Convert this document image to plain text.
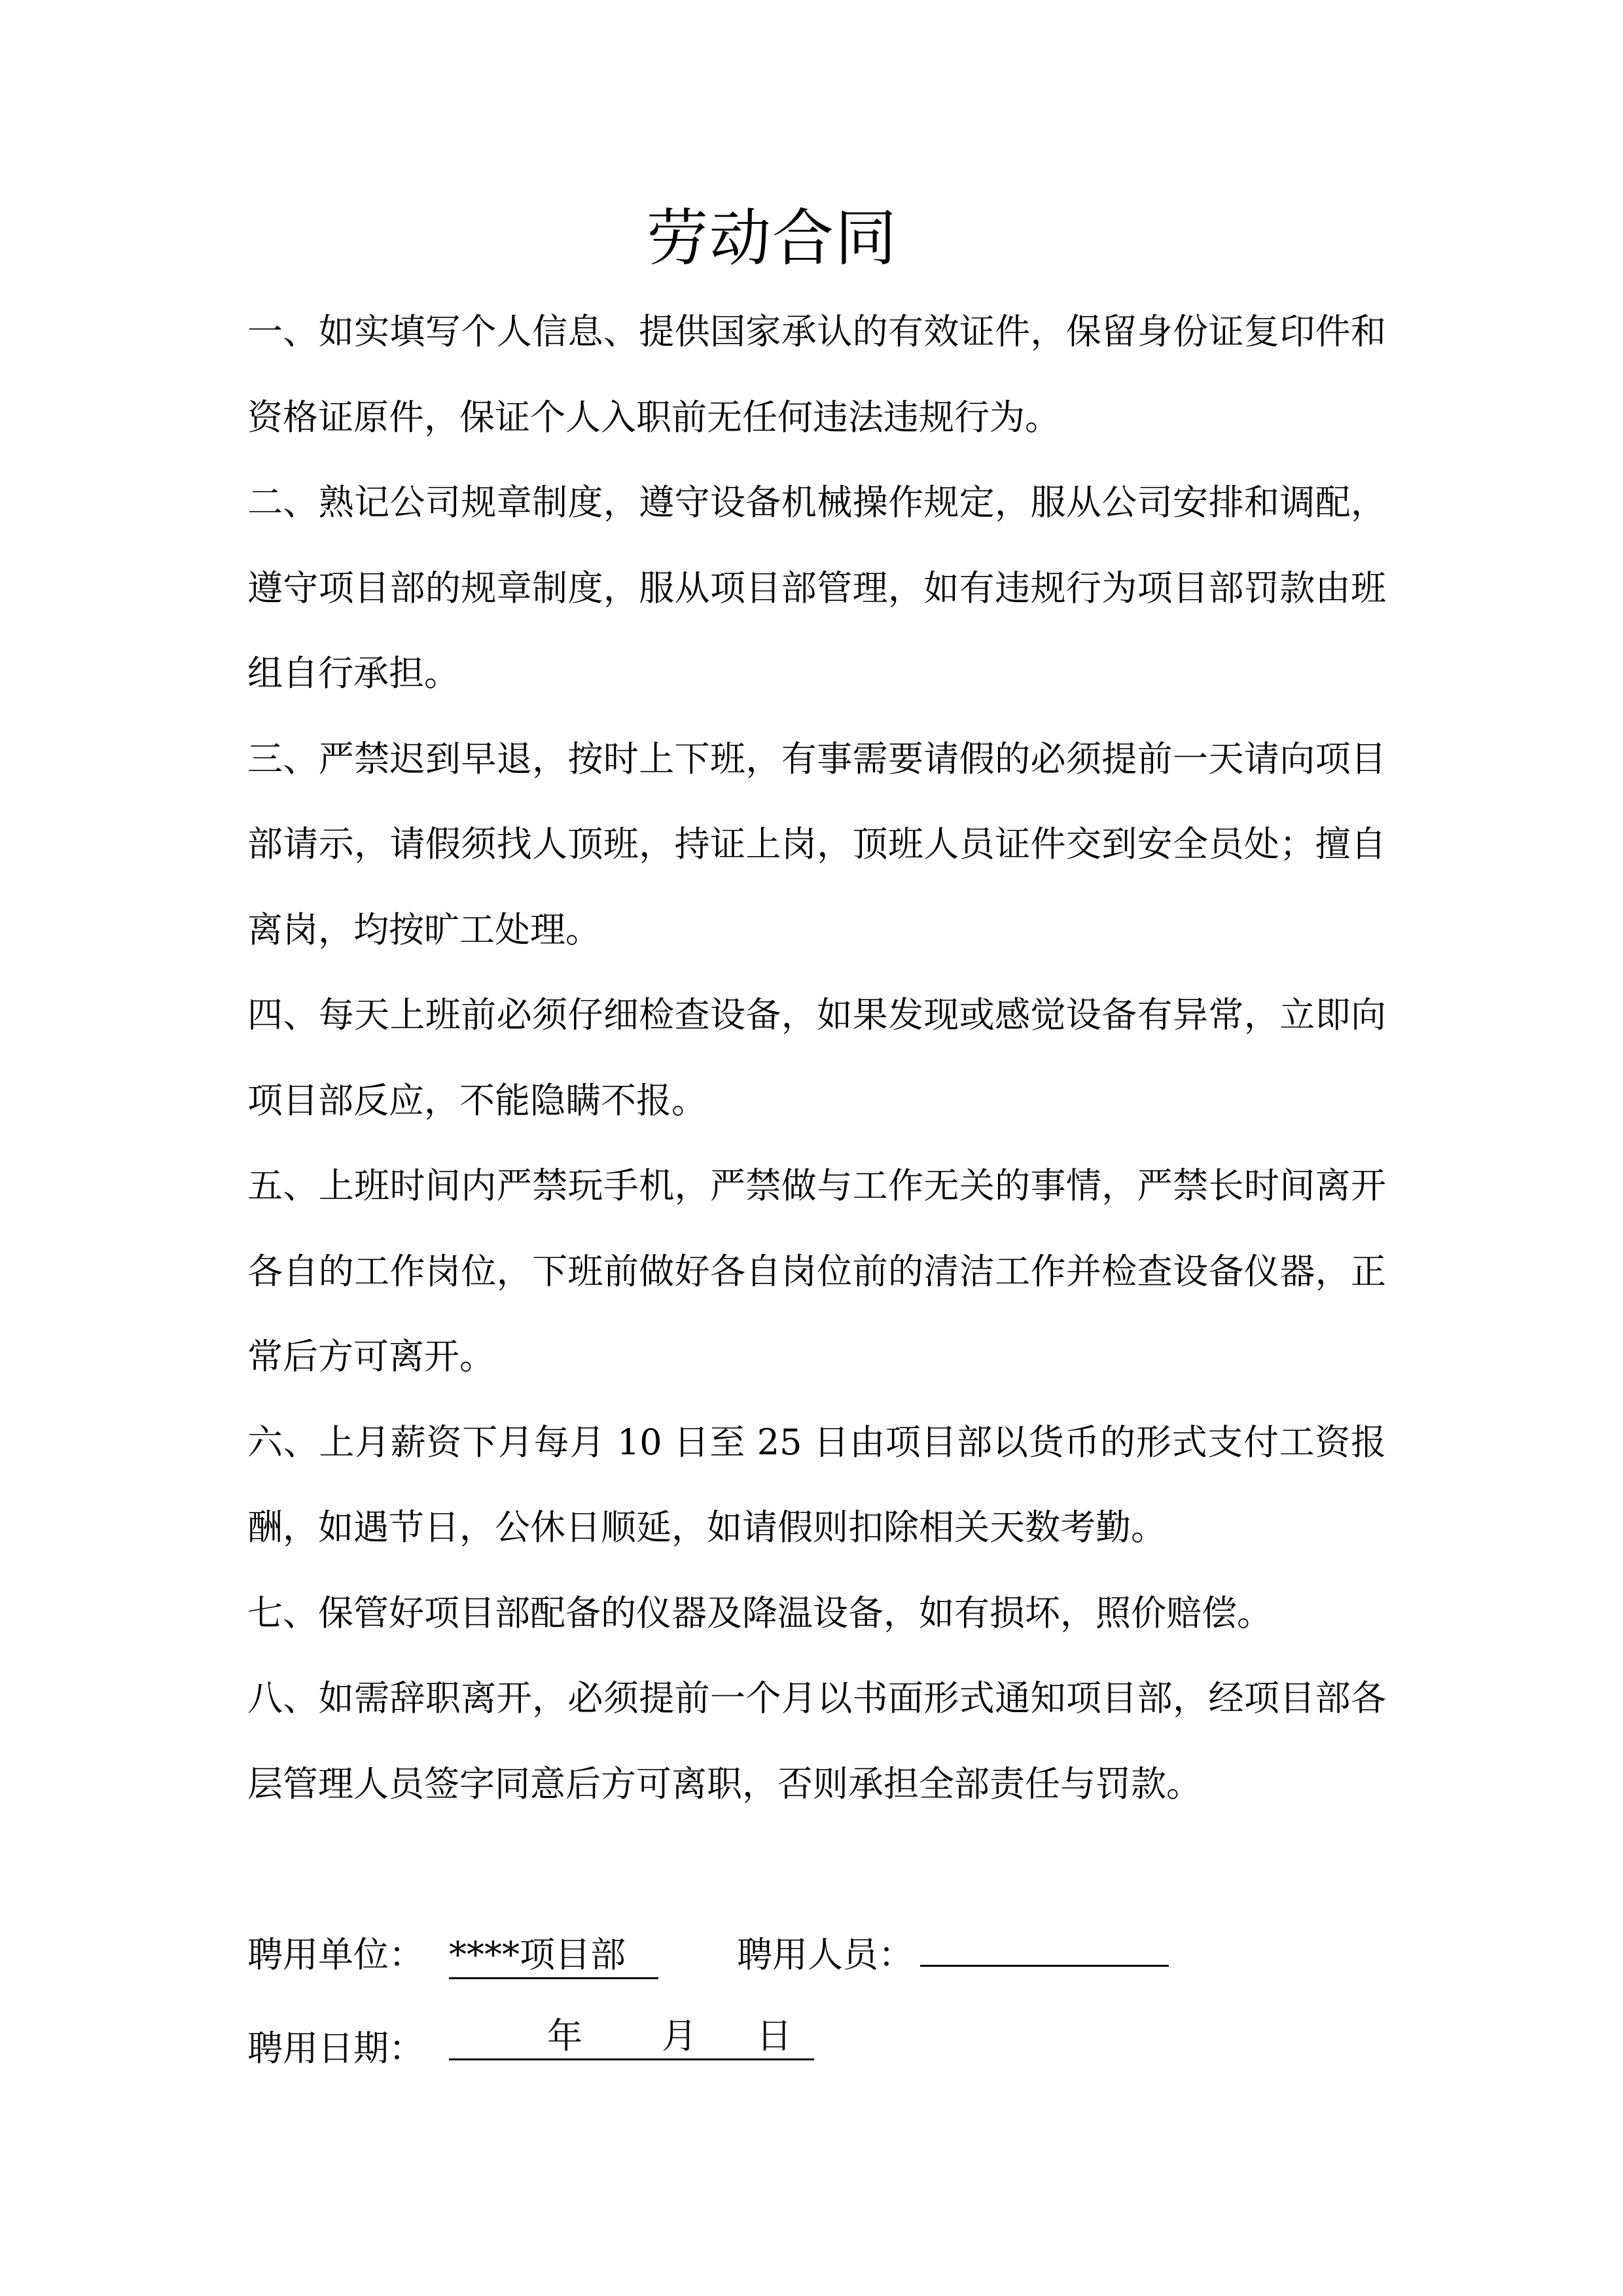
劳动合同

一、如实填写个人信息、提供国家承认的有效证件，保留身份证复印件和资格证原件，保证个人入职前无任何违法违规行为。

二、熟记公司规章制度，遵守设备机械操作规定，服从公司安排和调配，遵守项目部的规章制度，服从项目部管理，如有违规行为项目部罚款由班组自行承担。

三、严禁迟到早退，按时上下班，有事需要请假的必须提前一天请向项目部请示，请假须找人顶班，持证上岗，顶班人员证件交到安全员处；擅自离岗，均按旷工处理。

四、每天上班前必须仔细检查设备，如果发现或感觉设备有异常，立即向项目部反应，不能隐瞒不报。

五、上班时间内严禁玩手机，严禁做与工作无关的事情，严禁长时间离开各自的工作岗位，下班前做好各自岗位前的清洁工作并检查设备仪器，正常后方可离开。

六、上月薪资下月每月 10 日至 25 日由项目部以货币的形式支付工资报酬，如遇节日，公休日顺延，如请假则扣除相关天数考勤。

七、保管好项目部配备的仪器及降温设备，如有损坏，照价赔偿。

八、如需辞职离开，必须提前一个月以书面形式通知项目部，经项目部各层管理人员签字同意后方可离职，否则承担全部责任与罚款。

聘用单位： ****项目部	聘用人员：
聘用日期：	年 月 日
